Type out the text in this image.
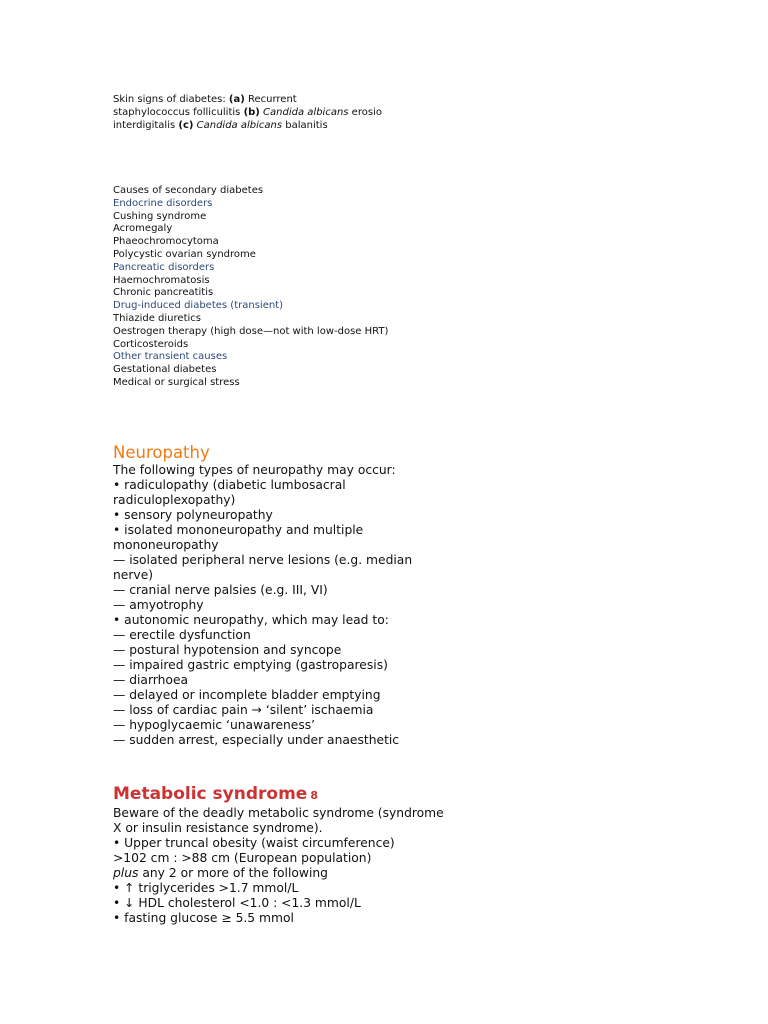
Skin signs of diabetes: (a) Recurrent
staphylococcus folliculitis (b) Candida albicans erosio
interdigitalis (c) Candida albicans balanitis
Causes of secondary diabetes
Endocrine disorders
Cushing syndrome
Acromegaly
Phaeochromocytoma
Polycystic ovarian syndrome
Pancreatic disorders
Haemochromatosis
Chronic pancreatitis
Drug-induced diabetes (transient)
Thiazide diuretics
Oestrogen therapy (high dose—not with low-dose HRT)
Corticosteroids
Other transient causes
Gestational diabetes
Medical or surgical stress
Neuropathy
The following types of neuropathy may occur:
• radiculopathy (diabetic lumbosacral
radiculoplexopathy)
• sensory polyneuropathy
• isolated mononeuropathy and multiple
mononeuropathy
— isolated peripheral nerve lesions (e.g. median
nerve)
— cranial nerve palsies (e.g. III, VI)
— amyotrophy
• autonomic neuropathy, which may lead to:
— erectile dysfunction
— postural hypotension and syncope
— impaired gastric emptying (gastroparesis)
— diarrhoea
— delayed or incomplete bladder emptying
— loss of cardiac pain → ‘silent’ ischaemia
— hypoglycaemic ‘unawareness’
— sudden arrest, especially under anaesthetic
Metabolic syndrome 8
Beware of the deadly metabolic syndrome (syndrome
X or insulin resistance syndrome).
• Upper truncal obesity (waist circumference)
>102 cm : >88 cm (European population)
plus any 2 or more of the following
• ↑ triglycerides >1.7 mmol/L
• ↓ HDL cholesterol <1.0 : <1.3 mmol/L
• fasting glucose ≥ 5.5 mmol
